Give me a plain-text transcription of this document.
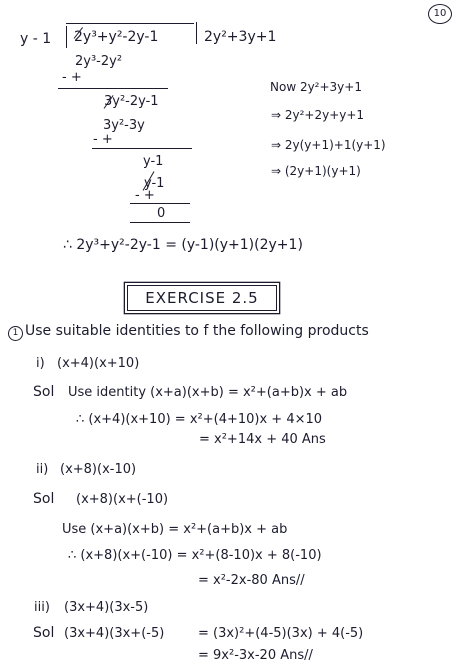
10
y - 1 2y³+y²-2y-1	2y²+3y+1
2y³-2y²
- +
3y²-2y-1
3y²-3y
- +
y-1
y-1
- +
0
Now 2y²+3y+1
⇒ 2y²+2y+y+1
⇒ 2y(y+1)+1(y+1)
⇒ (2y+1)(y+1)
∴ 2y³+y²-2y-1 = (y-1)(y+1)(2y+1)
EXERCISE 2.5
1 Use suitable identities to f the following products
i) (x+4)(x+10)
Sol Use identity (x+a)(x+b) = x²+(a+b)x + ab
∴ (x+4)(x+10) = x²+(4+10)x + 4×10
= x²+14x + 40 Ans
ii) (x+8)(x-10)
Sol (x+8)(x+(-10)
Use (x+a)(x+b) = x²+(a+b)x + ab
∴ (x+8)(x+(-10) = x²+(8-10)x + 8(-10)
= x²-2x-80 Ans//
iii) (3x+4)(3x-5)
Sol (3x+4)(3x+(-5)	= (3x)²+(4-5)(3x) + 4(-5)
= 9x²-3x-20 Ans//
